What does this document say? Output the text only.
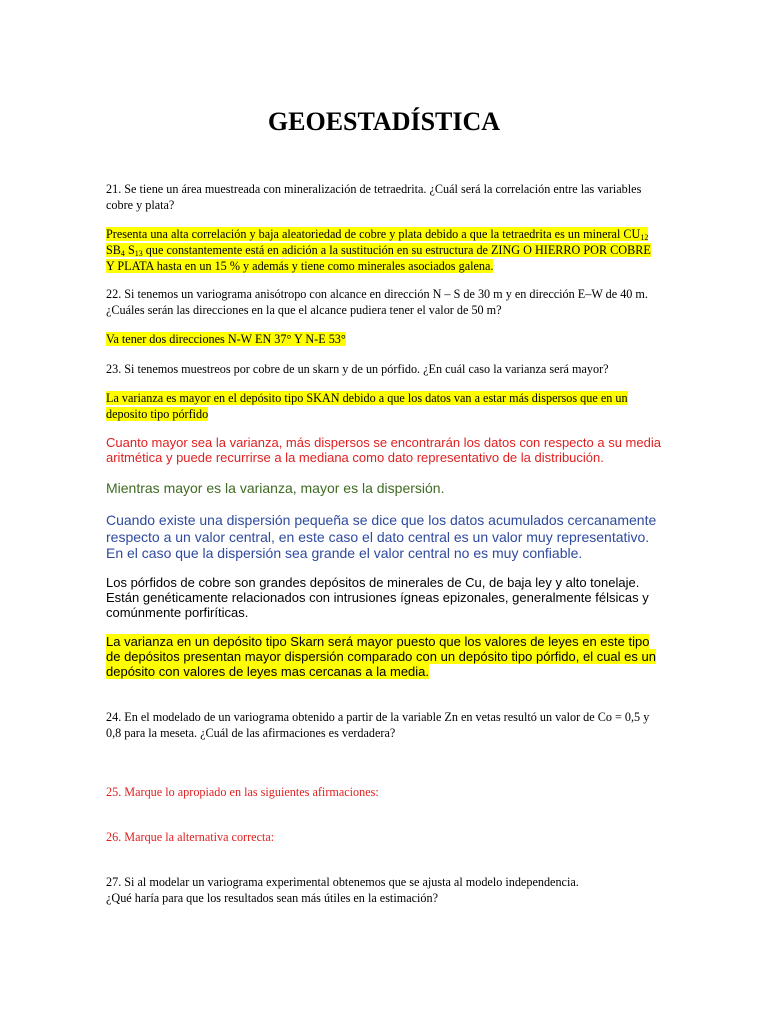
GEOESTADÍSTICA

21. Se tiene un área muestreada con mineralización de tetraedrita. ¿Cuál será la correlación entre las variables cobre y plata?

Presenta una alta correlación y baja aleatoriedad de cobre y plata debido a que la tetraedrita es un mineral $CU_{12}$ $SB_4$ $S_{13}$ que constantemente está en adición a la sustitución en su estructura de ZING O HIERRO POR COBRE Y PLATA hasta en un 15 % y además y tiene como minerales asociados galena.

22. Si tenemos un variograma anisótropo con alcance en dirección N – S de 30 m y en dirección E–W de 40 m. ¿Cuáles serán las direcciones en la que el alcance pudiera tener el valor de 50 m?

Va tener dos direcciones N-W EN 37° Y N-E 53°

23. Si tenemos muestreos por cobre de un skarn y de un pórfido. ¿En cuál caso la varianza será mayor?

La varianza es mayor en el depósito tipo SKAN debido a que los datos van a estar más dispersos que en un deposito tipo pórfido

Cuanto mayor sea la varianza, más dispersos se encontrarán los datos con respecto a su media aritmética y puede recurrirse a la mediana como dato representativo de la distribución.

Mientras mayor es la varianza, mayor es la dispersión.

Cuando existe una dispersión pequeña se dice que los datos acumulados cercanamente respecto a un valor central, en este caso el dato central es un valor muy representativo. En el caso que la dispersión sea grande el valor central no es muy confiable.

Los pórfidos de cobre son grandes depósitos de minerales de Cu, de baja ley y alto tonelaje. Están genéticamente relacionados con intrusiones ígneas epizonales, generalmente félsicas y comúnmente porfiríticas.

La varianza en un depósito tipo Skarn será mayor puesto que los valores de leyes en este tipo de depósitos presentan mayor dispersión comparado con un depósito tipo pórfido, el cual es un depósito con valores de leyes mas cercanas a la media.

24. En el modelado de un variograma obtenido a partir de la variable Zn en vetas resultó un valor de Co = 0,5 y 0,8 para la meseta. ¿Cuál de las afirmaciones es verdadera?

25. Marque lo apropiado en las siguientes afirmaciones:

26. Marque la alternativa correcta:

27. Si al modelar un variograma experimental obtenemos que se ajusta al modelo independencia.
¿Qué haría para que los resultados sean más útiles en la estimación?
